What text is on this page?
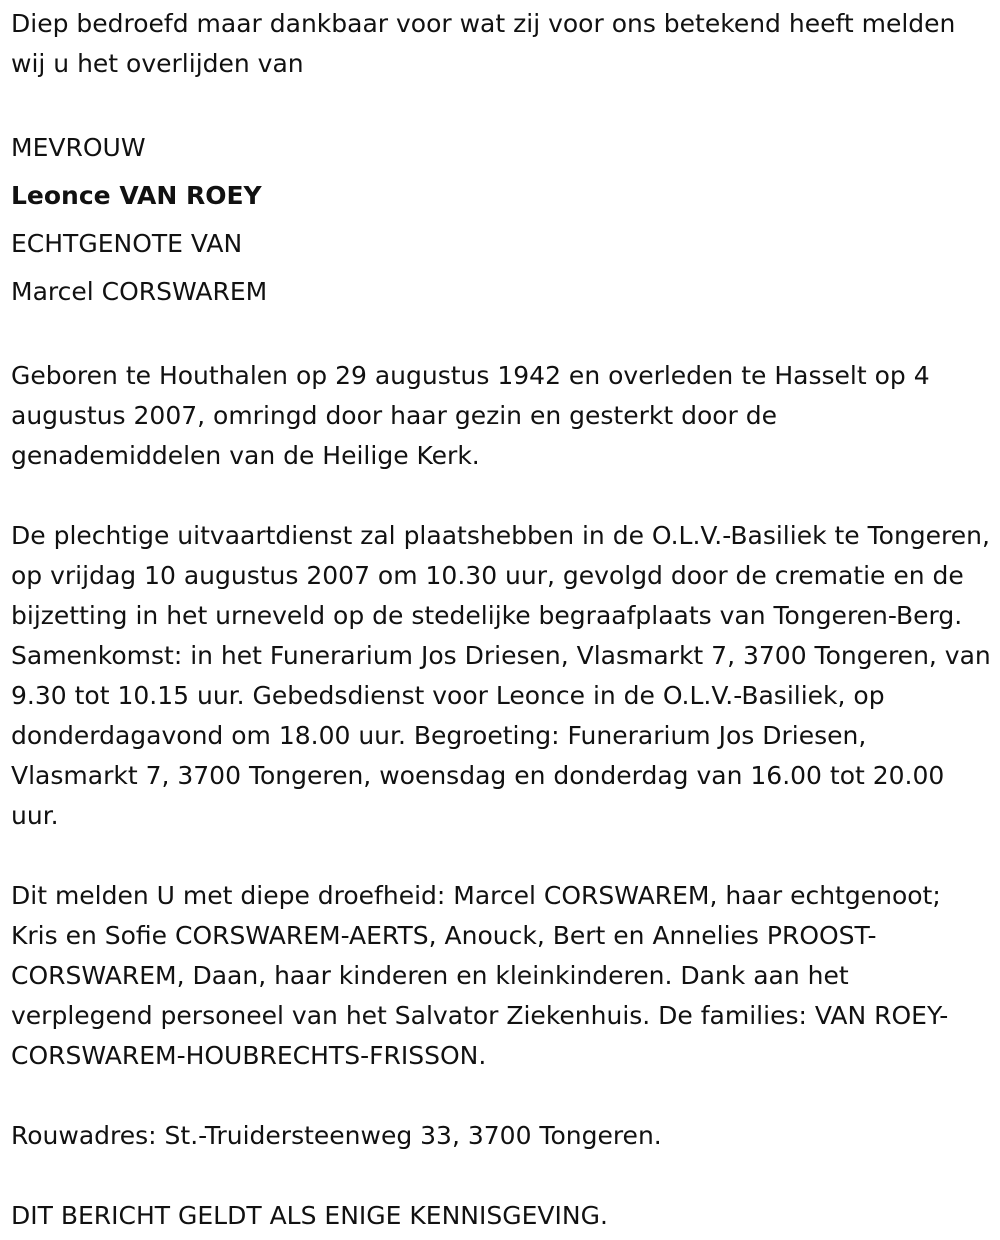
Diep bedroefd maar dankbaar voor wat zij voor ons betekend heeft melden wij u het overlijden van

MEVROUW

Leonce VAN ROEY

ECHTGENOTE VAN

Marcel CORSWAREM

Geboren te Houthalen op 29 augustus 1942 en overleden te Hasselt op 4 augustus 2007, omringd door haar gezin en gesterkt door de genademiddelen van de Heilige Kerk.

De plechtige uitvaartdienst zal plaatshebben in de O.L.V.-Basiliek te Tongeren, op vrijdag 10 augustus 2007 om 10.30 uur, gevolgd door de crematie en de bijzetting in het urneveld op de stedelijke begraafplaats van Tongeren-Berg. Samenkomst: in het Funerarium Jos Driesen, Vlasmarkt 7, 3700 Tongeren, van 9.30 tot 10.15 uur. Gebedsdienst voor Leonce in de O.L.V.-Basiliek, op donderdagavond om 18.00 uur. Begroeting: Funerarium Jos Driesen, Vlasmarkt 7, 3700 Tongeren, woensdag en donderdag van 16.00 tot 20.00 uur.

Dit melden U met diepe droefheid: Marcel CORSWAREM, haar echtgenoot; Kris en Sofie CORSWAREM-AERTS, Anouck, Bert en Annelies PROOST-CORSWAREM, Daan, haar kinderen en kleinkinderen. Dank aan het verplegend personeel van het Salvator Ziekenhuis. De families: VAN ROEY-CORSWAREM-HOUBRECHTS-FRISSON.

Rouwadres: St.-Truidersteenweg 33, 3700 Tongeren.

DIT BERICHT GELDT ALS ENIGE KENNISGEVING.
